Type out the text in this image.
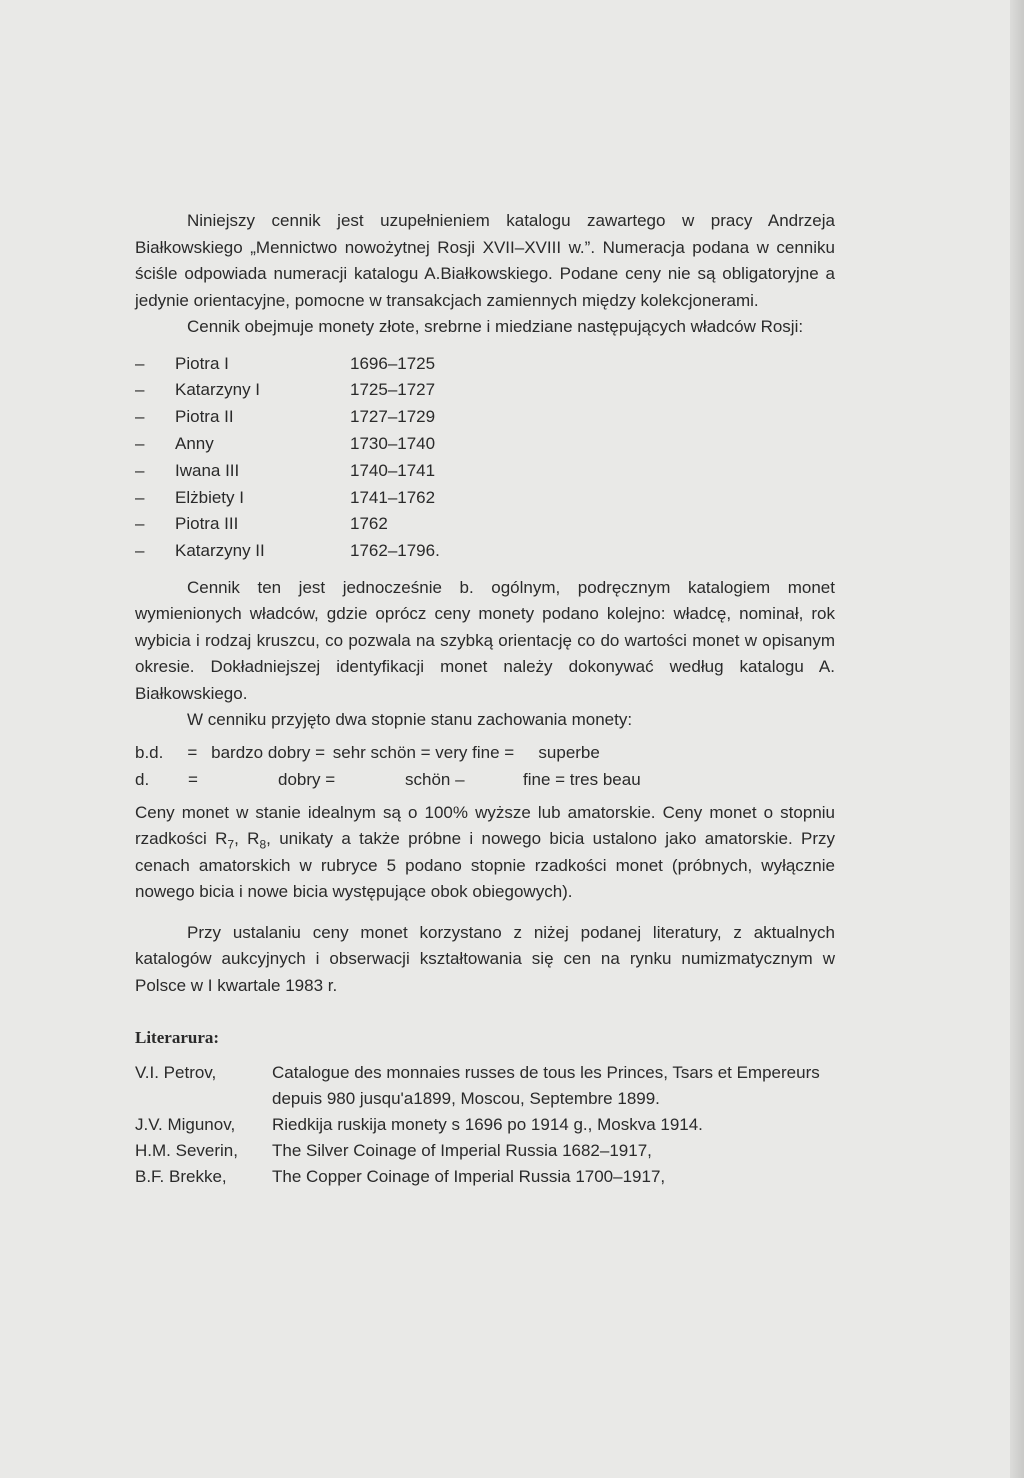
Niniejszy cennik jest uzupełnieniem katalogu zawartego w pracy Andrzeja Białkowskiego „Mennictwo nowożytnej Rosji XVII–XVIII w.”. Numeracja podana w cenniku ściśle odpowiada numeracji katalogu A.Białkowskiego. Podane ceny nie są obligatoryjne a jedynie orientacyjne, pomocne w transakcjach zamiennych między kolekcjonerami.

Cennik obejmuje monety złote, srebrne i miedziane następujących władców Rosji:

–	Piotra I	1696–1725
–	Katarzyny I	1725–1727
–	Piotra II	1727–1729
–	Anny	1730–1740
–	Iwana III	1740–1741
–	Elżbiety I	1741–1762
–	Piotra III	1762
–	Katarzyny II	1762–1796.

Cennik ten jest jednocześnie b. ogólnym, podręcznym katalogiem monet wymienionych władców, gdzie oprócz ceny monety podano kolejno: władcę, nominał, rok wybicia i rodzaj kruszcu, co pozwala na szybką orientację co do wartości monet w opisanym okresie. Dokładniejszej identyfikacji monet należy dokonywać według katalogu A. Białkowskiego.

W cenniku przyjęto dwa stopnie stanu zachowania monety:

b.d.	= bardzo dobry = sehr schön = very fine =	superbe
d.	=	dobry =	schön –	fine = tres beau

Ceny monet w stanie idealnym są o 100% wyższe lub amatorskie. Ceny monet o stopniu rzadkości $R_7$, $R_8$, unikaty a także próbne i nowego bicia ustalono jako amatorskie. Przy cenach amatorskich w rubryce 5 podano stopnie rzadkości monet (próbnych, wyłącznie nowego bicia i nowe bicia występujące obok obiegowych).

Przy ustalaniu ceny monet korzystano z niżej podanej literatury, z aktualnych katalogów aukcyjnych i obserwacji kształtowania się cen na rynku numizmatycznym w Polsce w I kwartale 1983 r.

Literarura:
V.I. Petrov,	Catalogue des monnaies russes de tous les Princes, Tsars et Empereurs depuis 980 jusqu'a1899, Moscou, Septembre 1899.
J.V. Migunov,	Riedkija ruskija monety s 1696 po 1914 g., Moskva 1914.
H.M. Severin,	The Silver Coinage of Imperial Russia 1682–1917,
B.F. Brekke,	The Copper Coinage of Imperial Russia 1700–1917,
